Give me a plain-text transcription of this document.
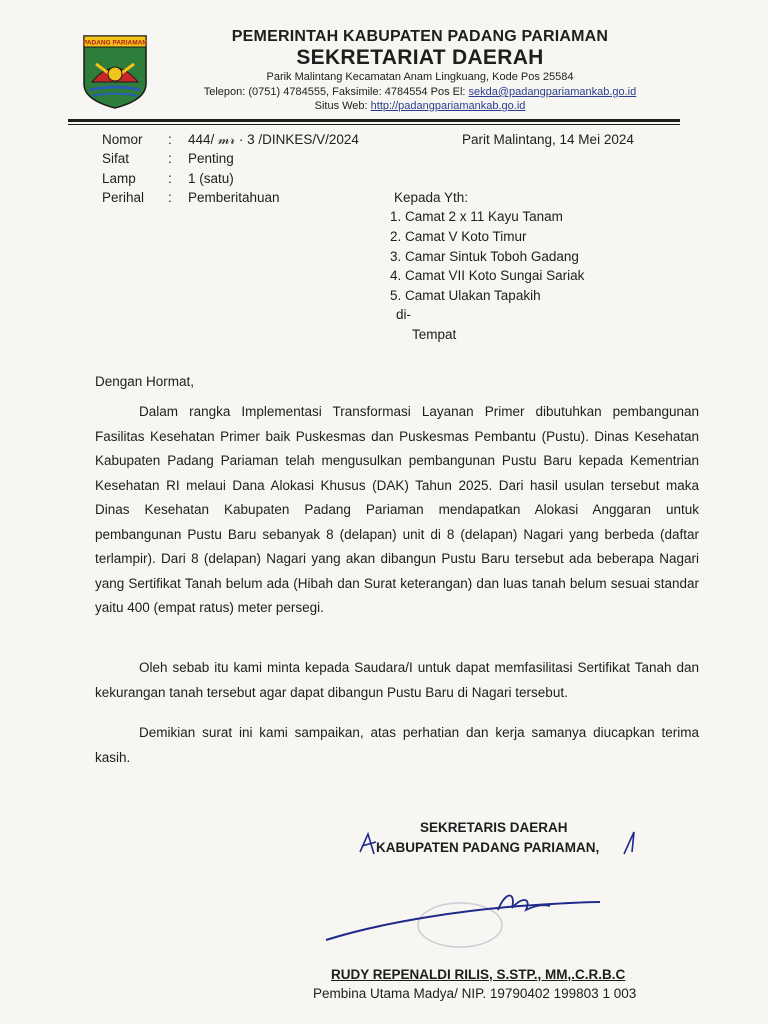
PADANG PARIAMAN	PEMERINTAH KABUPATEN PADANG PARIAMAN
SEKRETARIAT DAERAH
Parik Malintang Kecamatan Anam Lingkuang, Kode Pos 25584
Telepon: (0751) 4784555, Faksimile: 4784554 Pos El: sekda@padangpariamankab.go.id
Situs Web: http://padangpariamankab.go.id
Nomor : 444/ 𝓂𝓇 · 3 /DINKES/V/2024	Parit Malintang, 14 Mei 2024
Sifat	: Penting
Lamp : 1 (satu)
Perihal : Pemberitahuan	Kepada Yth:
1. Camat 2 x 11 Kayu Tanam
2. Camat V Koto Timur
3. Camar Sintuk Toboh Gadang
4. Camat VII Koto Sungai Sariak
5. Camat Ulakan Tapakih
di-
Tempat
Dengan Hormat,
Dalam rangka Implementasi Transformasi Layanan Primer dibutuhkan pembangunan Fasilitas Kesehatan Primer baik Puskesmas dan Puskesmas Pembantu (Pustu). Dinas Kesehatan Kabupaten Padang Pariaman telah mengusulkan pembangunan Pustu Baru kepada Kementrian Kesehatan RI melaui Dana Alokasi Khusus (DAK) Tahun 2025. Dari hasil usulan tersebut maka Dinas Kesehatan Kabupaten Padang Pariaman mendapatkan Alokasi Anggaran untuk pembangunan Pustu Baru sebanyak 8 (delapan) unit di 8 (delapan) Nagari yang berbeda (daftar terlampir). Dari 8 (delapan) Nagari yang akan dibangun Pustu Baru tersebut ada beberapa Nagari yang Sertifikat Tanah belum ada (Hibah dan Surat keterangan) dan luas tanah belum sesuai standar yaitu 400 (empat ratus) meter persegi.
Oleh sebab itu kami minta kepada Saudara/I untuk dapat memfasilitasi Sertifikat Tanah dan kekurangan tanah tersebut agar dapat dibangun Pustu Baru di Nagari tersebut.
Demikian surat ini kami sampaikan, atas perhatian dan kerja samanya diucapkan terima kasih.
SEKRETARIS DAERAH
KABUPATEN PADANG PARIAMAN,
RUDY REPENALDI RILIS, S.STP., MM,.C.R.B.C
Pembina Utama Madya/ NIP. 19790402 199803 1 003
